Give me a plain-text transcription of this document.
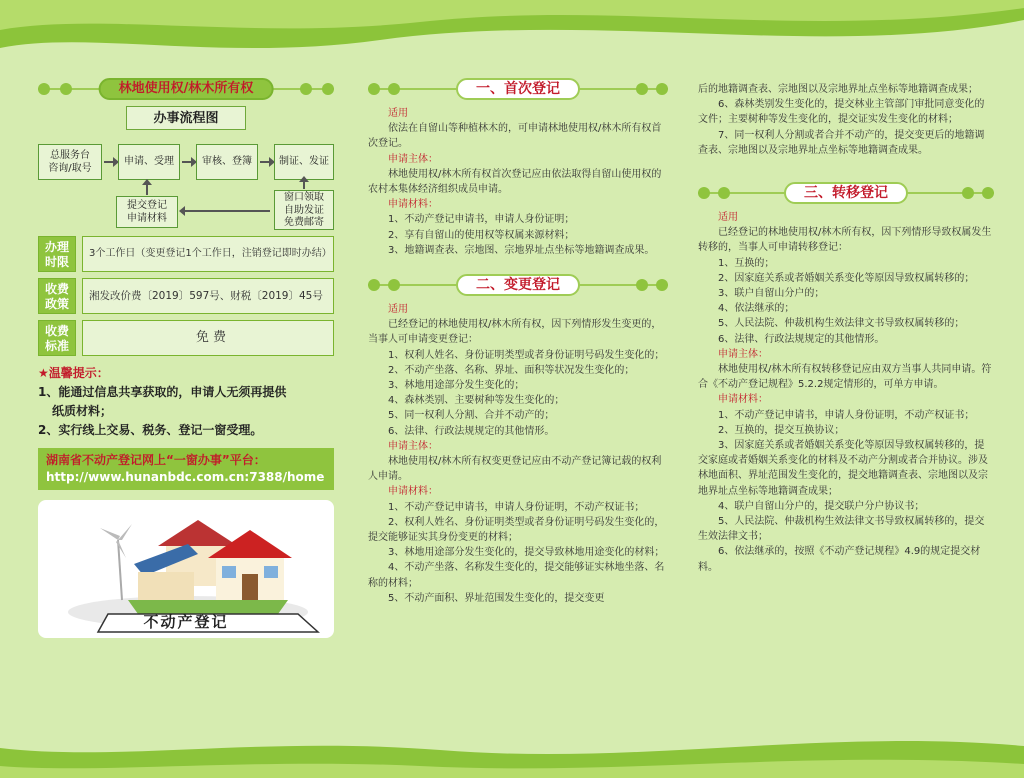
林地使用权/林木所有权
办事流程图
总服务台
咨询/取号
申请、受理	审核、登簿	制证、发证
提交登记
申请材料
窗口领取
自助发证
免费邮寄
办理
时限
3个工作日（变更登记1个工作日，注销登记即时办结）
收费
政策
湘发改价费〔2019〕597号、财税〔2019〕45号
收费
标准
免 费
★温馨提示：
1、能通过信息共享获取的，申请人无须再提供
纸质材料；
2、实行线上交易、税务、登记一窗受理。
湖南省不动产登记网上“一窗办事”平台：
http://www.hunanbdc.com.cn:7388/home
不动产登记
一、首次登记
适用
依法在自留山等种植林木的，可申请林地使用权/林木所有权首次登记。
申请主体：
林地使用权/林木所有权首次登记应由依法取得自留山使用权的农村本集体经济组织成员申请。
申请材料：
1、不动产登记申请书，申请人身份证明；
2、享有自留山的使用权等权属来源材料；
3、地籍调查表、宗地图、宗地界址点坐标等地籍调查成果。
二、变更登记
适用
已经登记的林地使用权/林木所有权，因下列情形发生变更的，当事人可申请变更登记：
1、权利人姓名、身份证明类型或者身份证明号码发生变化的；
2、不动产坐落、名称、界址、面积等状况发生变化的；
3、林地用途部分发生变化的；
4、森林类别、主要树种等发生变化的；
5、同一权利人分割、合并不动产的；
6、法律、行政法规规定的其他情形。
申请主体：
林地使用权/林木所有权变更登记应由不动产登记簿记载的权利人申请。
申请材料：
1、不动产登记申请书，申请人身份证明，不动产权证书；
2、权利人姓名、身份证明类型或者身份证明号码发生变化的，提交能够证实其身份变更的材料；
3、林地用途部分发生变化的，提交导致林地用途变化的材料；
4、不动产坐落、名称发生变化的，提交能够证实林地坐落、名称的材料；
5、不动产面积、界址范围发生变化的，提交变更
后的地籍调查表、宗地图以及宗地界址点坐标等地籍调查成果；
6、森林类别发生变化的，提交林业主管部门审批同意变化的文件；主要树种等发生变化的，提交证实发生变化的材料；
7、同一权利人分割或者合并不动产的，提交变更后的地籍调查表、宗地图以及宗地界址点坐标等地籍调查成果。
三、转移登记
适用
已经登记的林地使用权/林木所有权，因下列情形导致权属发生转移的，当事人可申请转移登记：
1、互换的；
2、因家庭关系或者婚姻关系变化等原因导致权属转移的；
3、联户自留山分户的；
4、依法继承的；
5、人民法院、仲裁机构生效法律文书导致权属转移的；
6、法律、行政法规规定的其他情形。
申请主体：
林地使用权/林木所有权转移登记应由双方当事人共同申请。符合《不动产登记规程》5.2.2规定情形的，可单方申请。
申请材料：
1、不动产登记申请书，申请人身份证明，不动产权证书；
2、互换的，提交互换协议；
3、因家庭关系或者婚姻关系变化等原因导致权属转移的，提交家庭或者婚姻关系变化的材料及不动产分割或者合并协议。涉及林地面积、界址范围发生变化的，提交地籍调查表、宗地图以及宗地界址点坐标等地籍调查成果；
4、联户自留山分户的，提交联户分户协议书；
5、人民法院、仲裁机构生效法律文书导致权属转移的，提交生效法律文书；
6、依法继承的，按照《不动产登记规程》4.9的规定提交材料。
